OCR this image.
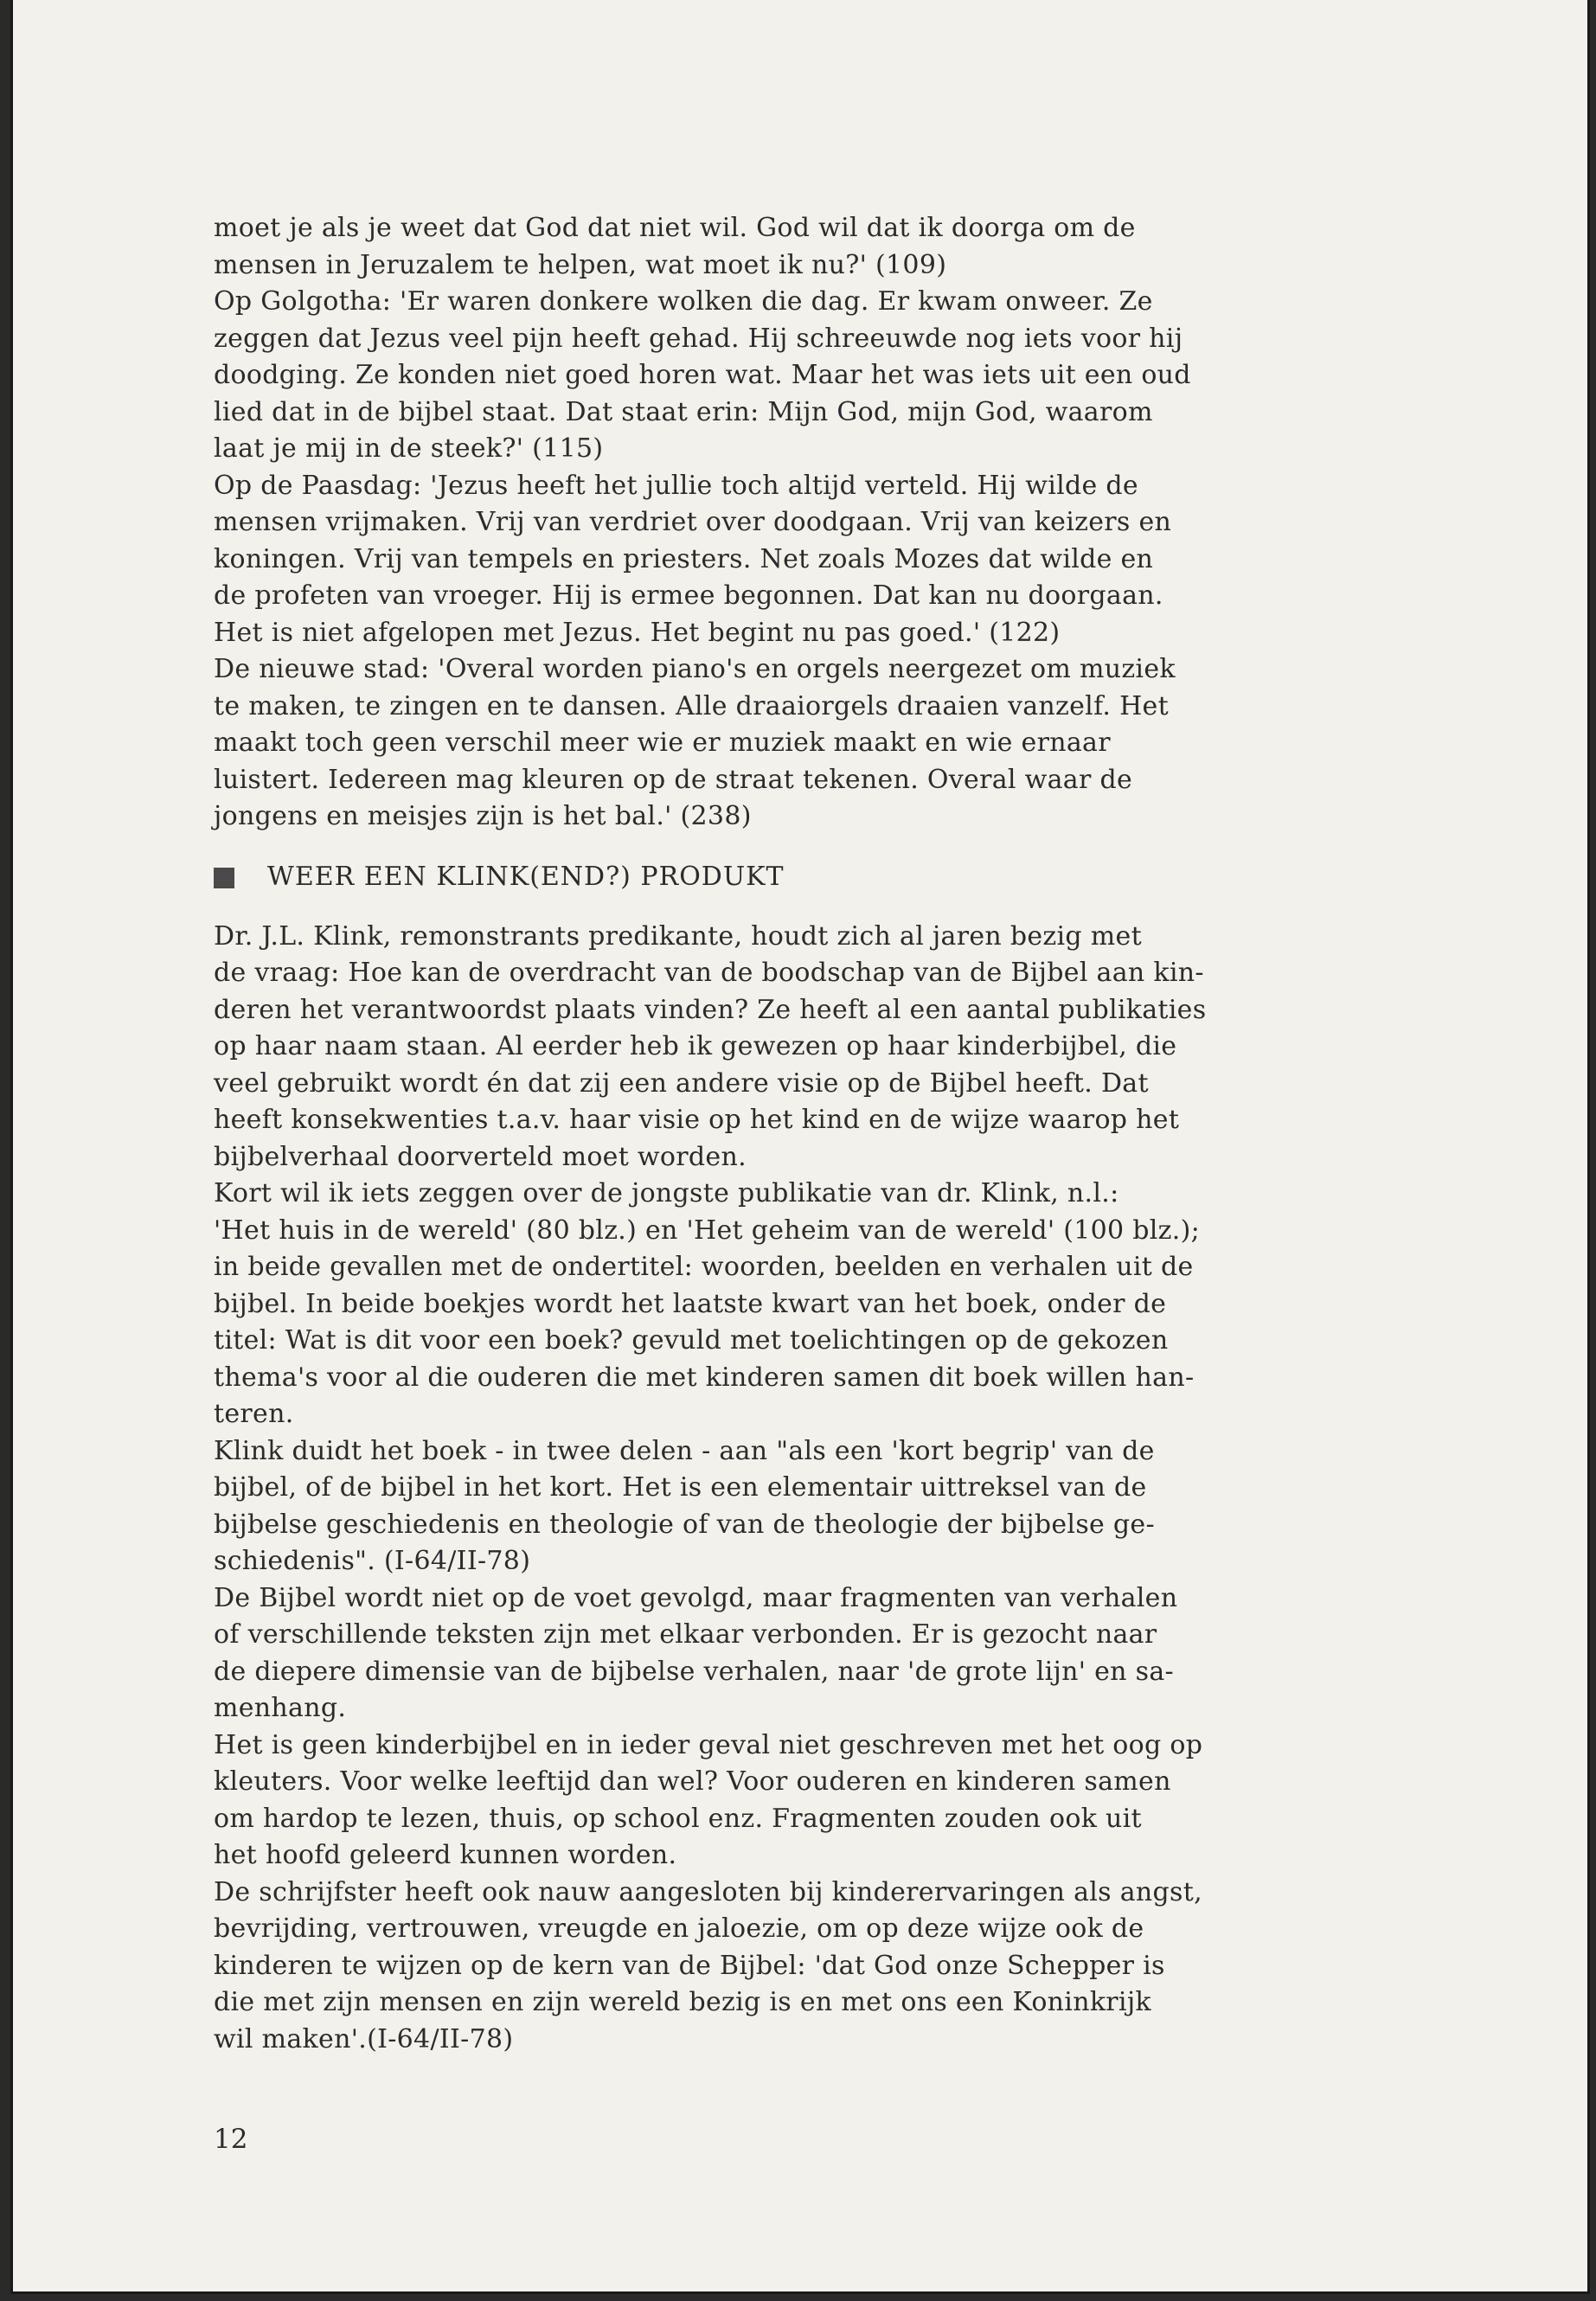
moet je als je weet dat God dat niet wil. God wil dat ik doorga om de
mensen in Jeruzalem te helpen, wat moet ik nu?' (109)
Op Golgotha: 'Er waren donkere wolken die dag. Er kwam onweer. Ze
zeggen dat Jezus veel pijn heeft gehad. Hij schreeuwde nog iets voor hij
doodging. Ze konden niet goed horen wat. Maar het was iets uit een oud
lied dat in de bijbel staat. Dat staat erin: Mijn God, mijn God, waarom
laat je mij in de steek?' (115)
Op de Paasdag: 'Jezus heeft het jullie toch altijd verteld. Hij wilde de
mensen vrijmaken. Vrij van verdriet over doodgaan. Vrij van keizers en
koningen. Vrij van tempels en priesters. Net zoals Mozes dat wilde en
de profeten van vroeger. Hij is ermee begonnen. Dat kan nu doorgaan.
Het is niet afgelopen met Jezus. Het begint nu pas goed.' (122)
De nieuwe stad: 'Overal worden piano's en orgels neergezet om muziek
te maken, te zingen en te dansen. Alle draaiorgels draaien vanzelf. Het
maakt toch geen verschil meer wie er muziek maakt en wie ernaar
luistert. Iedereen mag kleuren op de straat tekenen. Overal waar de
jongens en meisjes zijn is het bal.' (238)
WEER EEN KLINK(END?) PRODUKT
Dr. J.L. Klink, remonstrants predikante, houdt zich al jaren bezig met
de vraag: Hoe kan de overdracht van de boodschap van de Bijbel aan kin-
deren het verantwoordst plaats vinden? Ze heeft al een aantal publikaties
op haar naam staan. Al eerder heb ik gewezen op haar kinderbijbel, die
veel gebruikt wordt én dat zij een andere visie op de Bijbel heeft. Dat
heeft konsekwenties t.a.v. haar visie op het kind en de wijze waarop het
bijbelverhaal doorverteld moet worden.
Kort wil ik iets zeggen over de jongste publikatie van dr. Klink, n.l.:
'Het huis in de wereld' (80 blz.) en 'Het geheim van de wereld' (100 blz.);
in beide gevallen met de ondertitel: woorden, beelden en verhalen uit de
bijbel. In beide boekjes wordt het laatste kwart van het boek, onder de
titel: Wat is dit voor een boek? gevuld met toelichtingen op de gekozen
thema's voor al die ouderen die met kinderen samen dit boek willen han-
teren.
Klink duidt het boek - in twee delen - aan "als een 'kort begrip' van de
bijbel, of de bijbel in het kort. Het is een elementair uittreksel van de
bijbelse geschiedenis en theologie of van de theologie der bijbelse ge-
schiedenis". (I-64/II-78)
De Bijbel wordt niet op de voet gevolgd, maar fragmenten van verhalen
of verschillende teksten zijn met elkaar verbonden. Er is gezocht naar
de diepere dimensie van de bijbelse verhalen, naar 'de grote lijn' en sa-
menhang.
Het is geen kinderbijbel en in ieder geval niet geschreven met het oog op
kleuters. Voor welke leeftijd dan wel? Voor ouderen en kinderen samen
om hardop te lezen, thuis, op school enz. Fragmenten zouden ook uit
het hoofd geleerd kunnen worden.
De schrijfster heeft ook nauw aangesloten bij kinderervaringen als angst,
bevrijding, vertrouwen, vreugde en jaloezie, om op deze wijze ook de
kinderen te wijzen op de kern van de Bijbel: 'dat God onze Schepper is
die met zijn mensen en zijn wereld bezig is en met ons een Koninkrijk
wil maken'.(I-64/II-78)
12
